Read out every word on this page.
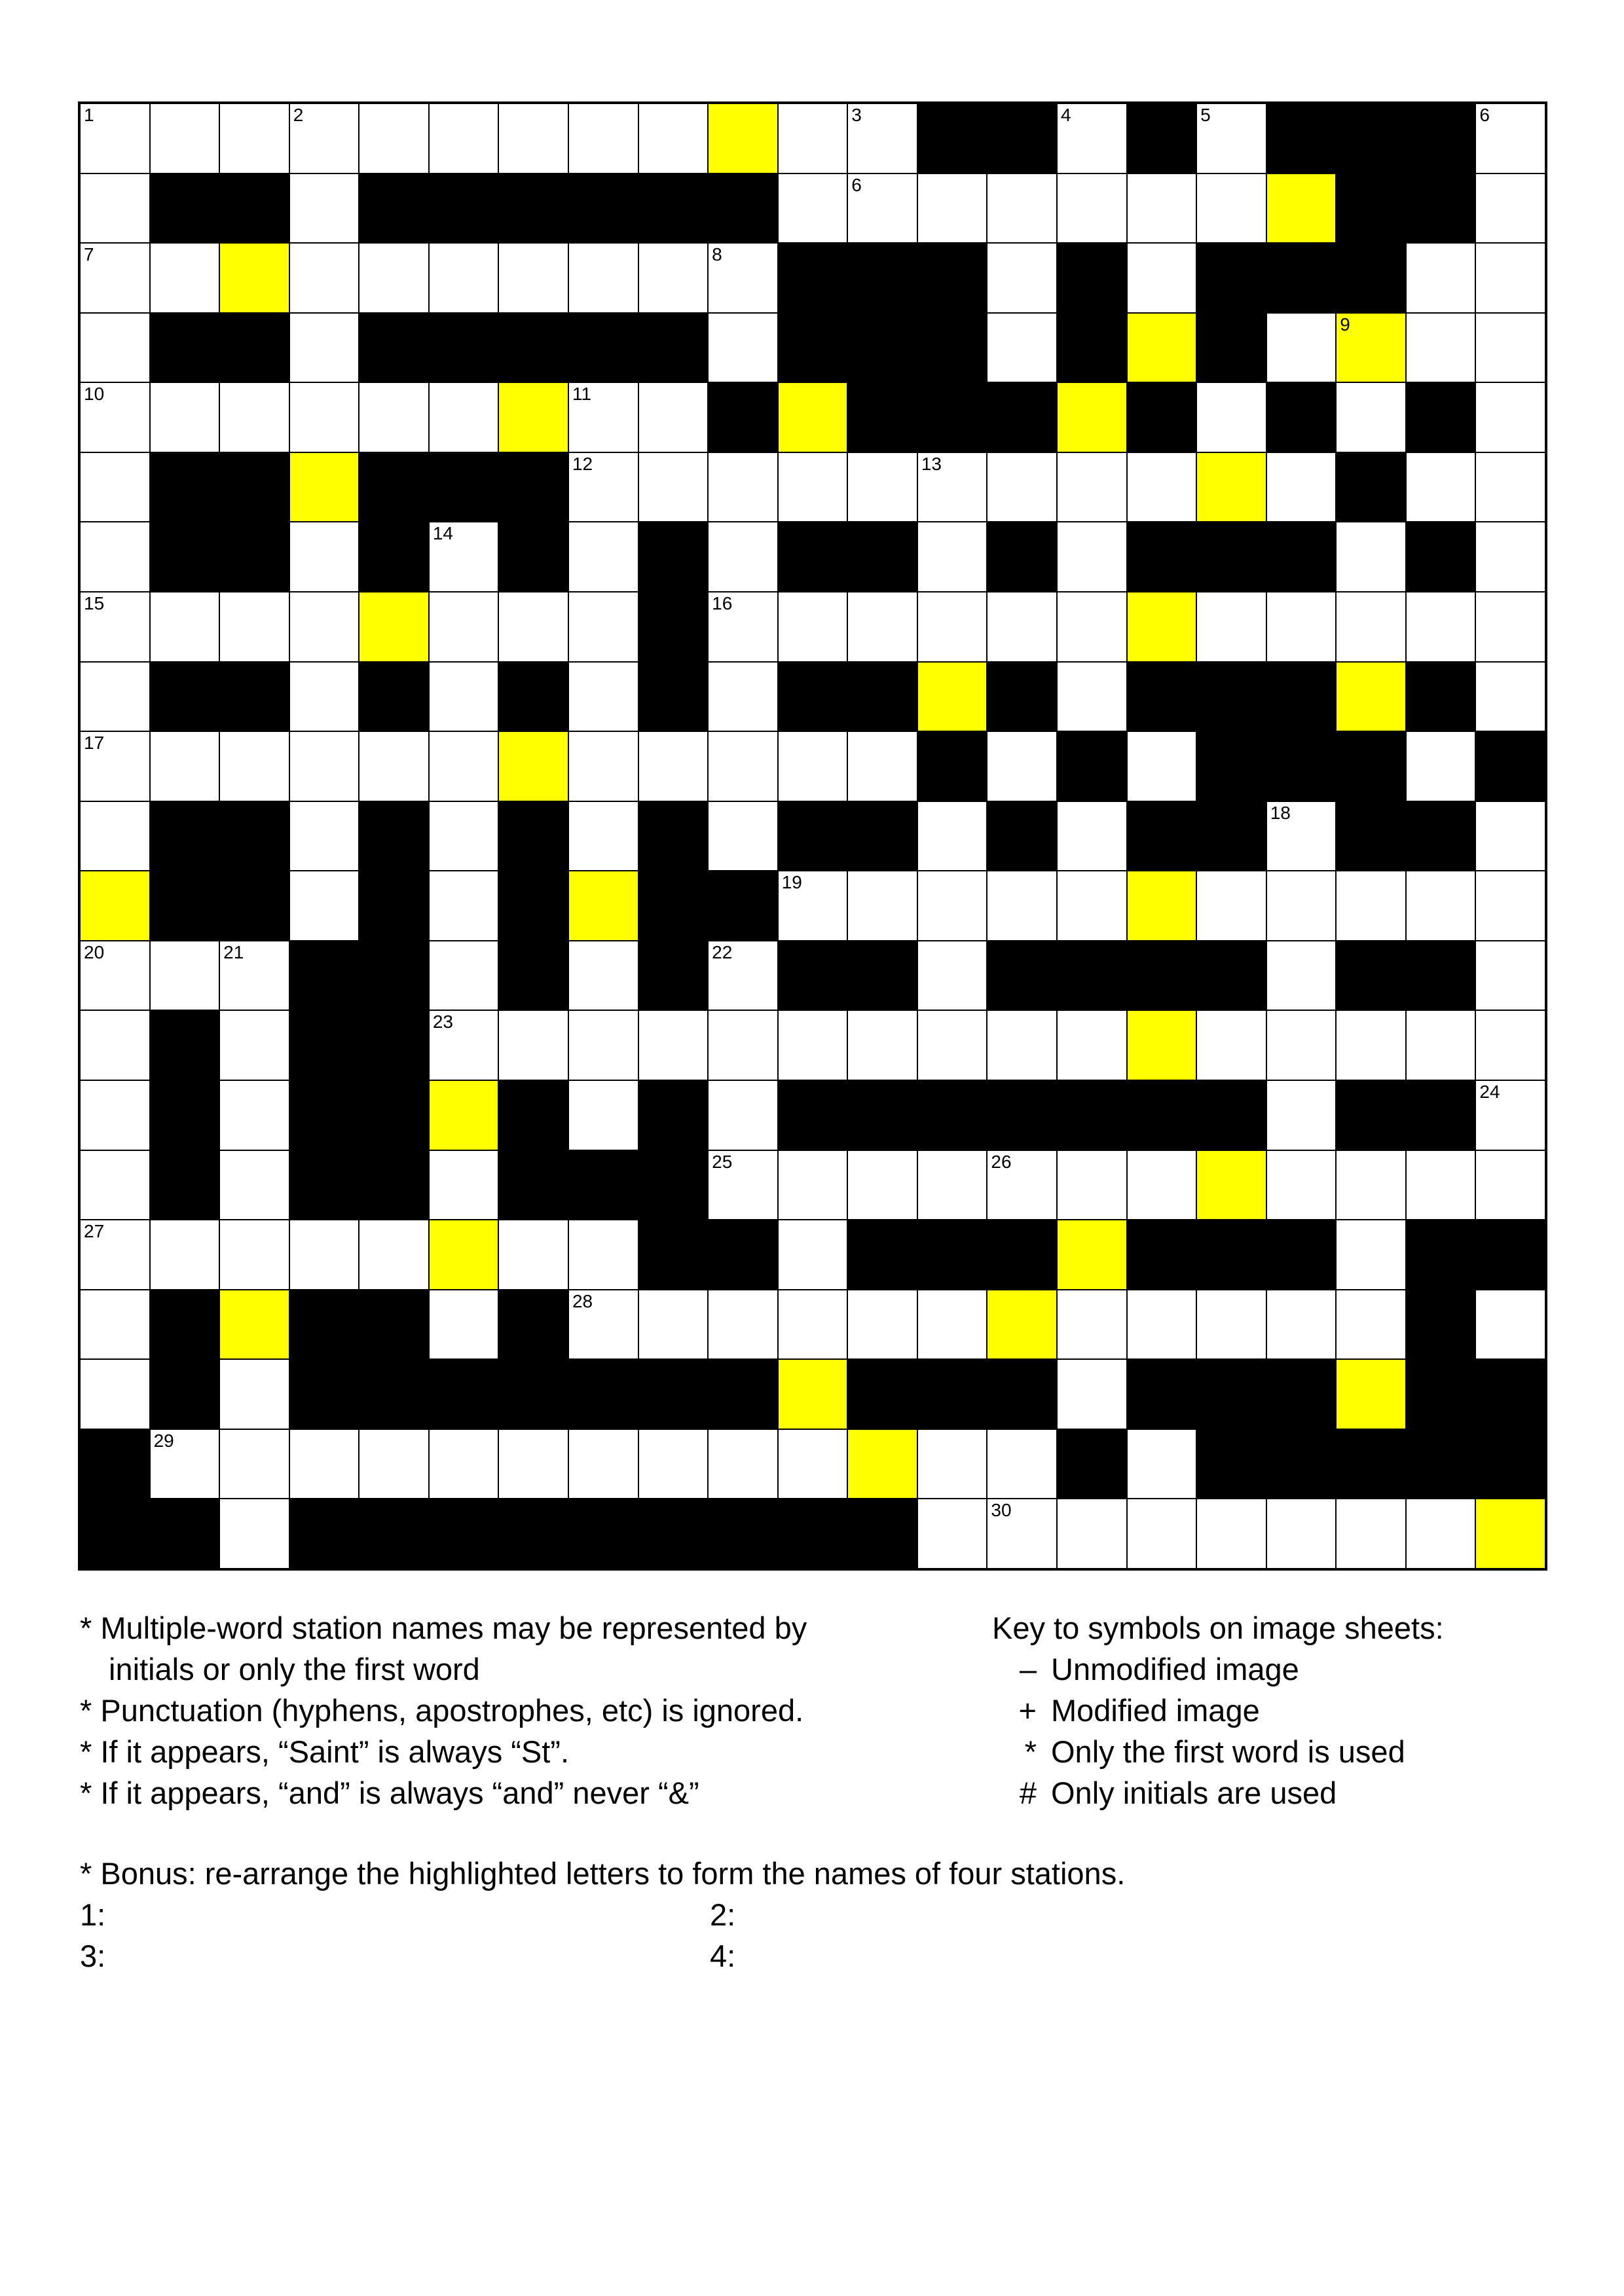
1	2	3	4	5	6
6
7	8
9
10	11
12	13
14
15	16
17
18
19
20	21	22
23
24
25	26
27
28
29
30
* Multiple-word station names may be represented by
initials or only the first word
* Punctuation (hyphens, apostrophes, etc) is ignored.
* If it appears, “Saint” is always “St”.
* If it appears, “and” is always “and” never “&”
Key to symbols on image sheets:
– Unmodified image
+ Modified image
* Only the first word is used
# Only initials are used
* Bonus: re-arrange the highlighted letters to form the names of four stations.
1:	2:
3:	4:
